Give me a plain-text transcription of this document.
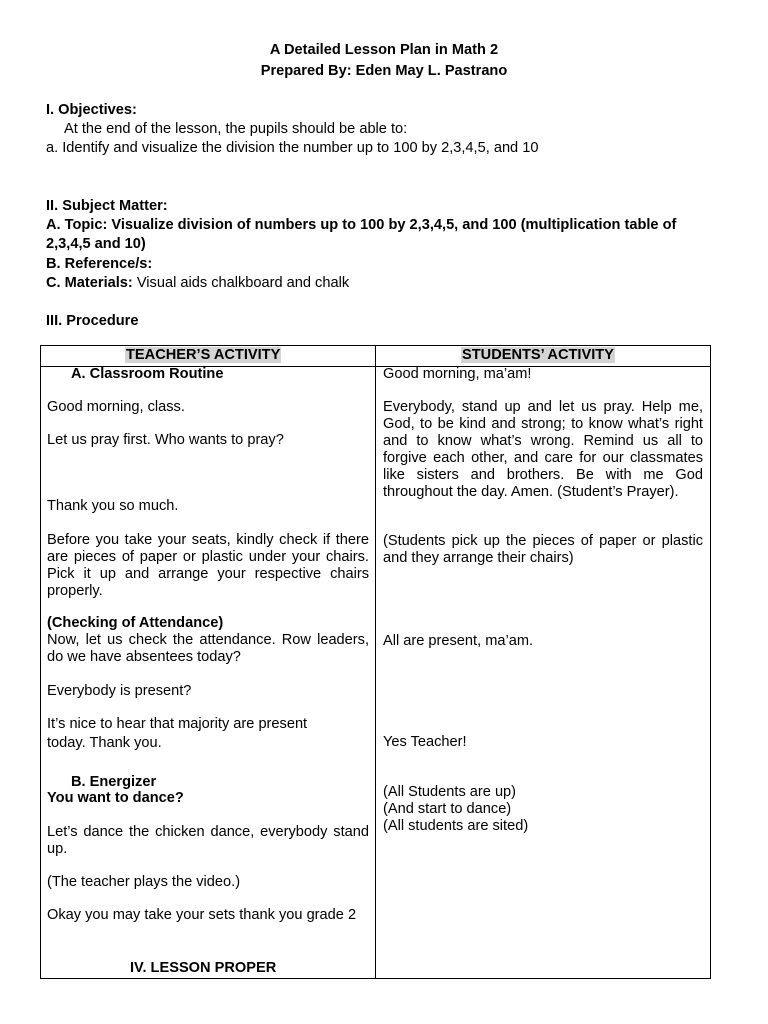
A Detailed Lesson Plan in Math 2
Prepared By: Eden May L. Pastrano
I. Objectives:
At the end of the lesson, the pupils should be able to:
a. Identify and visualize the division the number up to 100 by 2,3,4,5, and 10
II. Subject Matter:
A. Topic: Visualize division of numbers up to 100 by 2,3,4,5, and 100 (multiplication table of
2,3,4,5 and 10)
B. Reference/s:
C. Materials: Visual aids chalkboard and chalk
III. Procedure
TEACHER’S ACTIVITY	STUDENTS’ ACTIVITY
A. Classroom Routine
Good morning, class.
Let us pray first. Who wants to pray?
Thank you so much.
Before you take your seats, kindly check if there are pieces of paper or plastic under your chairs. Pick it up and arrange your respective chairs properly.
(Checking of Attendance)
Now, let us check the attendance. Row leaders, do we have absentees today?
Everybody is present?
It’s nice to hear that majority are present
today. Thank you.
B. Energizer
You want to dance?
Let’s dance the chicken dance, everybody stand up.
(The teacher plays the video.)
Okay you may take your sets thank you grade 2
IV. LESSON PROPER
Good morning, ma’am!
Everybody, stand up and let us pray. Help me, God, to be kind and strong; to know what’s right and to know what’s wrong. Remind us all to forgive each other, and care for our classmates like sisters and brothers. Be with me God throughout the day. Amen. (Student’s Prayer).
(Students pick up the pieces of paper or plastic and they arrange their chairs)
All are present, ma’am.
Yes Teacher!
(All Students are up)
(And start to dance)
(All students are sited)
